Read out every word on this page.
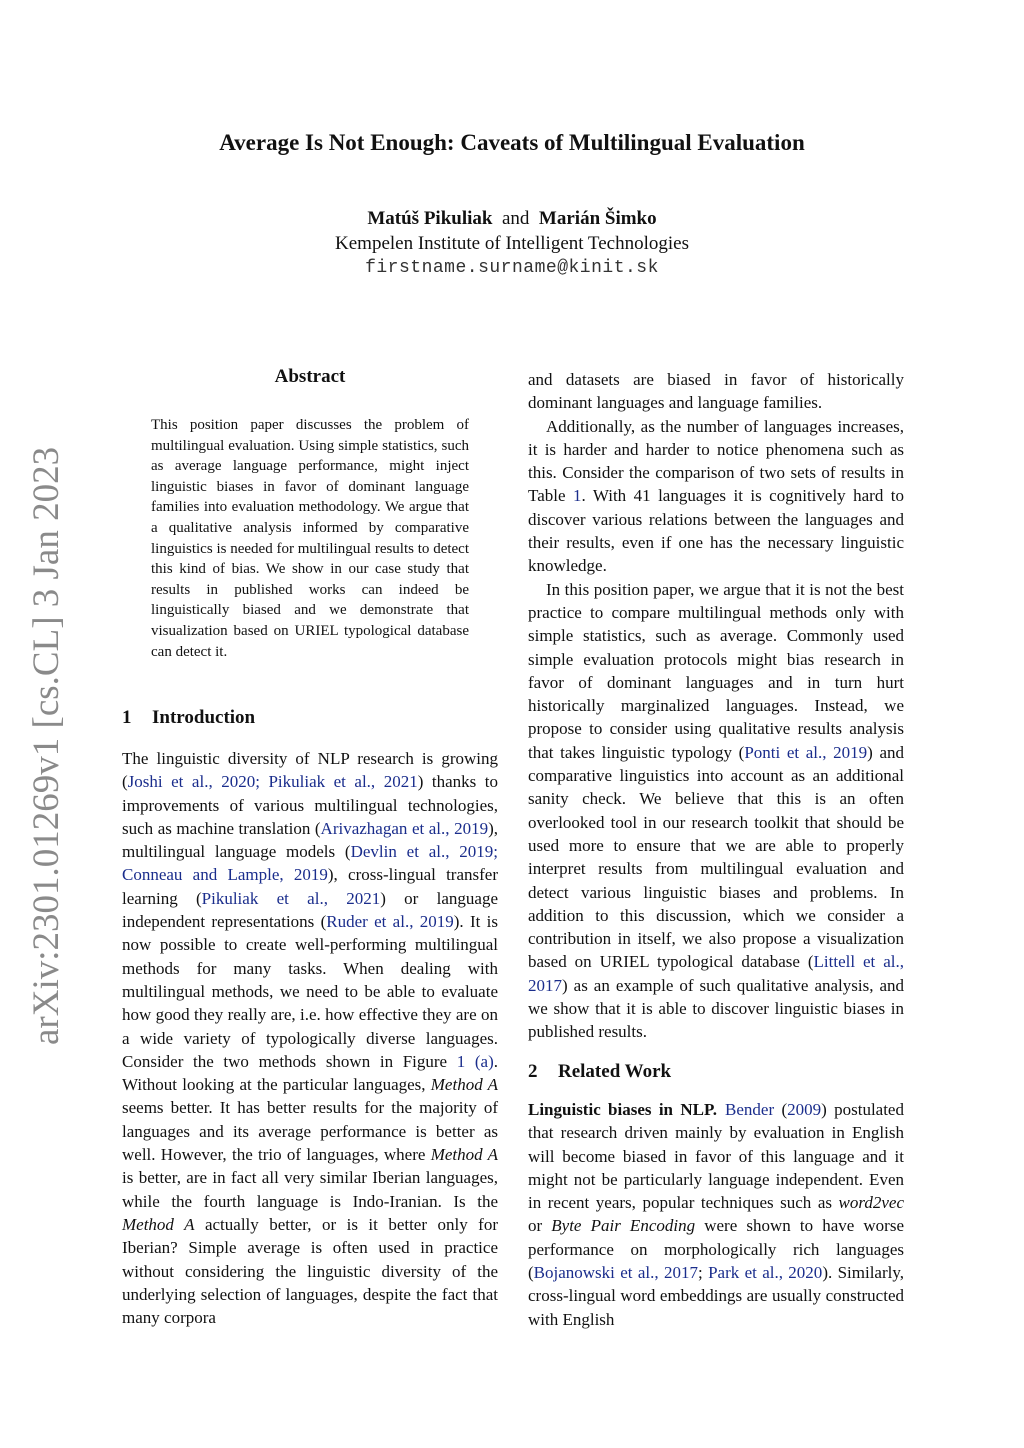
Average Is Not Enough: Caveats of Multilingual Evaluation
Matúš Pikuliak and Marián Šimko
Kempelen Institute of Intelligent Technologies
firstname.surname@kinit.sk
arXiv:2301.01269v1 [cs.CL] 3 Jan 2023
Abstract
This position paper discusses the problem of multilingual evaluation. Using simple statistics, such as average language performance, might inject linguistic biases in favor of dominant language families into evaluation methodology. We argue that a qualitative analysis informed by comparative linguistics is needed for multilingual results to detect this kind of bias. We show in our case study that results in published works can indeed be linguistically biased and we demonstrate that visualization based on URIEL typological database can detect it.
1 Introduction

The linguistic diversity of NLP research is growing (Joshi et al., 2020; Pikuliak et al., 2021) thanks to improvements of various multilingual technologies, such as machine translation (Arivazhagan et al., 2019), multilingual language models (Devlin et al., 2019; Conneau and Lample, 2019), cross-lingual transfer learning (Pikuliak et al., 2021) or language independent representations (Ruder et al., 2019). It is now possible to create well-performing multilingual methods for many tasks. When dealing with multilingual methods, we need to be able to evaluate how good they really are, i.e. how effective they are on a wide variety of typologically diverse languages. Consider the two methods shown in Figure 1 (a). Without looking at the particular languages, Method A seems better. It has better results for the majority of languages and its average performance is better as well. However, the trio of languages, where Method A is better, are in fact all very similar Iberian languages, while the fourth language is Indo-Iranian. Is the Method A actually better, or is it better only for Iberian? Simple average is often used in practice without considering the linguistic diversity of the underlying selection of languages, despite the fact that many corpora

and datasets are biased in favor of historically dominant languages and language families.

Additionally, as the number of languages increases, it is harder and harder to notice phenomena such as this. Consider the comparison of two sets of results in Table 1. With 41 languages it is cognitively hard to discover various relations between the languages and their results, even if one has the necessary linguistic knowledge.

In this position paper, we argue that it is not the best practice to compare multilingual methods only with simple statistics, such as average. Commonly used simple evaluation protocols might bias research in favor of dominant languages and in turn hurt historically marginalized languages. Instead, we propose to consider using qualitative results analysis that takes linguistic typology (Ponti et al., 2019) and comparative linguistics into account as an additional sanity check. We believe that this is an often overlooked tool in our research toolkit that should be used more to ensure that we are able to properly interpret results from multilingual evaluation and detect various linguistic biases and problems. In addition to this discussion, which we consider a contribution in itself, we also propose a visualization based on URIEL typological database (Littell et al., 2017) as an example of such qualitative analysis, and we show that it is able to discover linguistic biases in published results.

2 Related Work

Linguistic biases in NLP. Bender (2009) postulated that research driven mainly by evaluation in English will become biased in favor of this language and it might not be particularly language independent. Even in recent years, popular techniques such as word2vec or Byte Pair Encoding were shown to have worse performance on morphologically rich languages (Bojanowski et al., 2017; Park et al., 2020). Similarly, cross-lingual word embeddings are usually constructed with English
